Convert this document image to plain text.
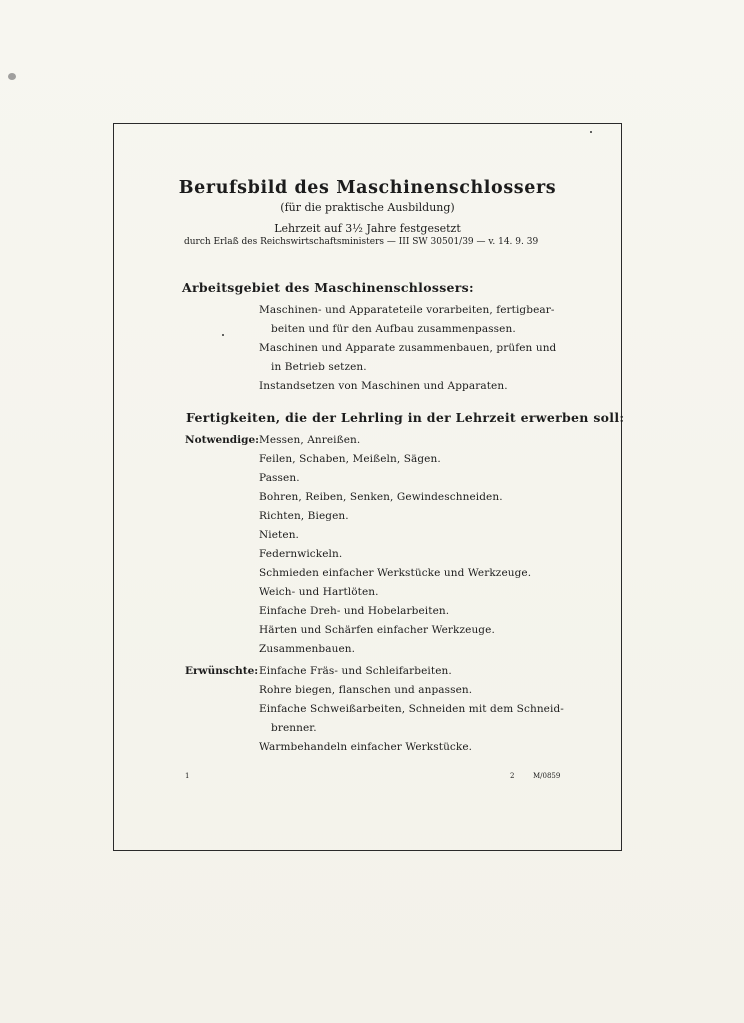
Berufsbild des Maschinenschlossers
(für die praktische Ausbildung)
Lehrzeit auf 3½ Jahre festgesetzt
durch Erlaß des Reichswirtschaftsministers — III SW 30501/39 — v. 14. 9. 39
Arbeitsgebiet des Maschinenschlossers:
Maschinen- und Apparateteile vorarbeiten, fertigbear-
beiten und für den Aufbau zusammenpassen.
Maschinen und Apparate zusammenbauen, prüfen und
in Betrieb setzen.
Instandsetzen von Maschinen und Apparaten.
Fertigkeiten, die der Lehrling in der Lehrzeit erwerben soll:
Notwendige: Messen, Anreißen.
Feilen, Schaben, Meißeln, Sägen.
Passen.
Bohren, Reiben, Senken, Gewindeschneiden.
Richten, Biegen.
Nieten.
Federnwickeln.
Schmieden einfacher Werkstücke und Werkzeuge.
Weich- und Hartlöten.
Einfache Dreh- und Hobelarbeiten.
Härten und Schärfen einfacher Werkzeuge.
Zusammenbauen.
Erwünschte: Einfache Fräs- und Schleifarbeiten.
Rohre biegen, flanschen und anpassen.
Einfache Schweißarbeiten, Schneiden mit dem Schneid-
brenner.
Warmbehandeln einfacher Werkstücke.
1	2	M/0859
